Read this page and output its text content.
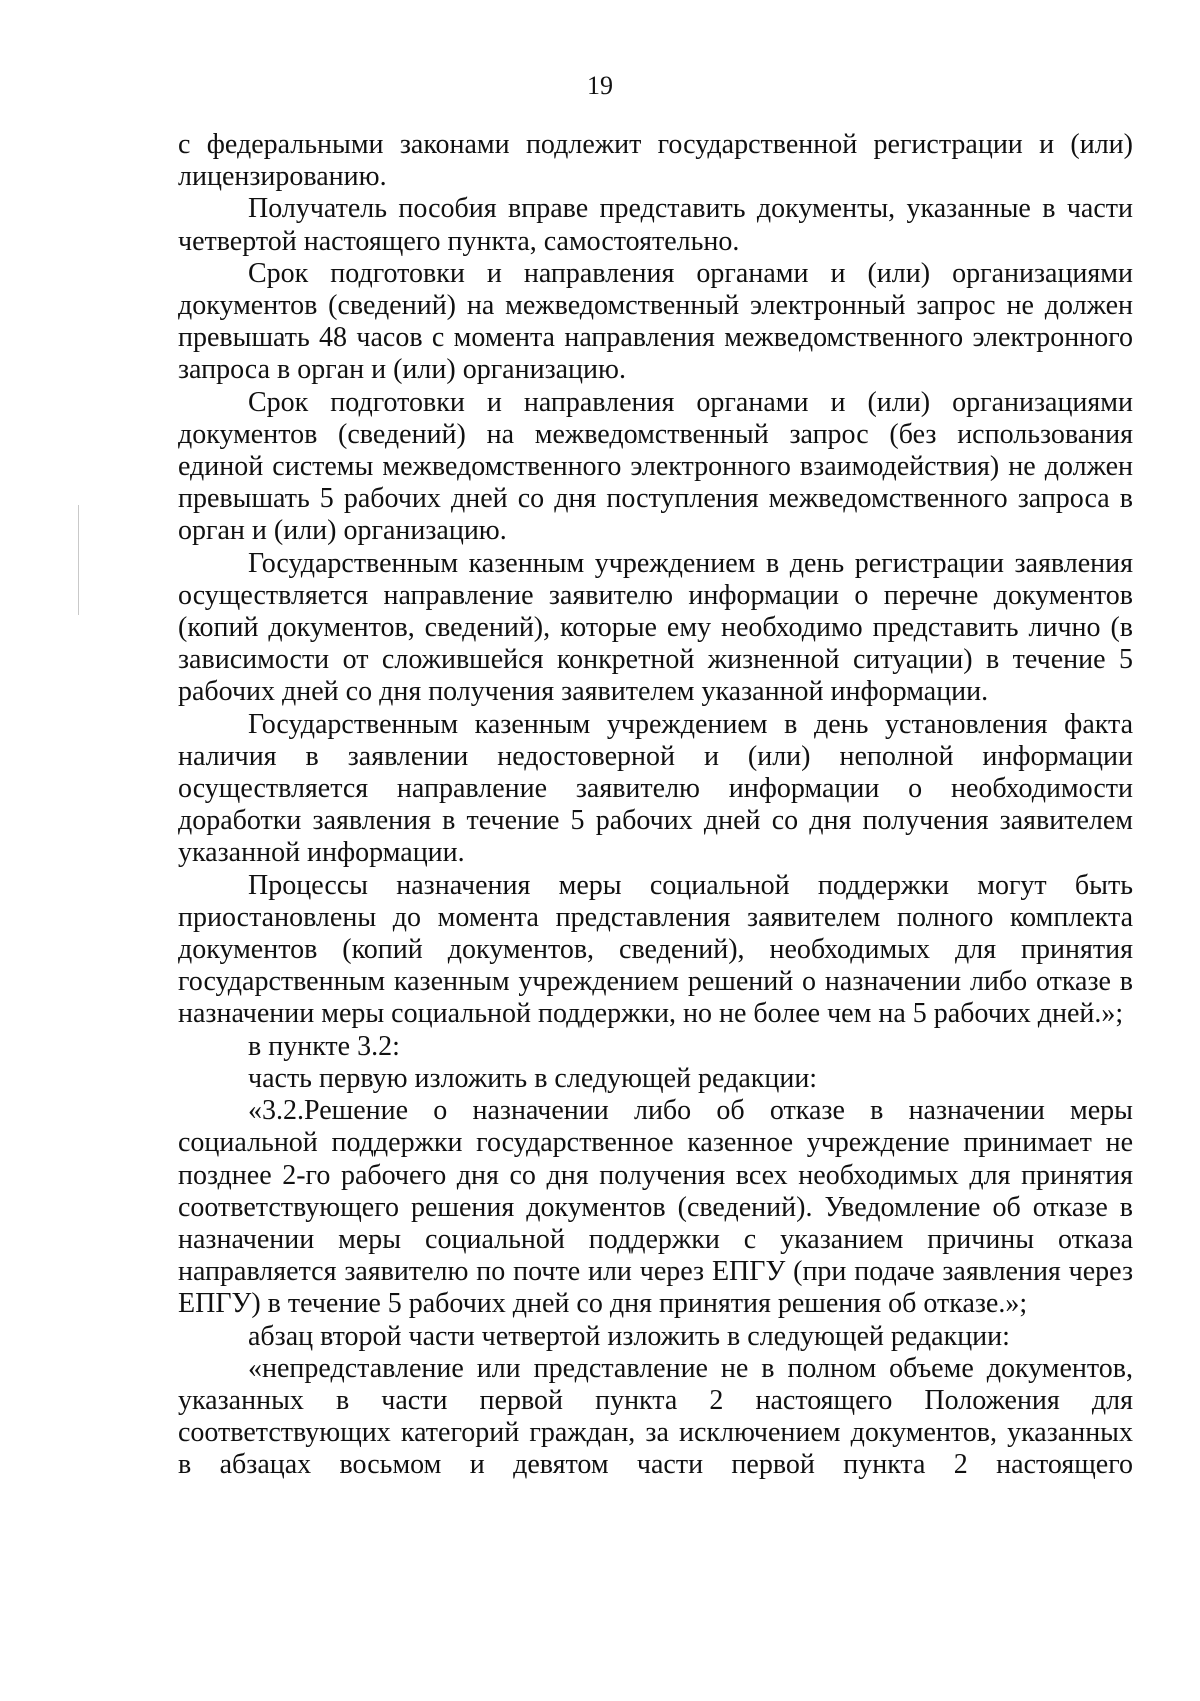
19

с федеральными законами подлежит государственной регистрации и (или) лицензированию.

Получатель пособия вправе представить документы, указанные в части четвертой настоящего пункта, самостоятельно.

Срок подготовки и направления органами и (или) организациями документов (сведений) на межведомственный электронный запрос не должен превышать 48 часов с момента направления межведомственного электронного запроса в орган и (или) организацию.

Срок подготовки и направления органами и (или) организациями документов (сведений) на межведомственный запрос (без использования единой системы межведомственного электронного взаимодействия) не должен превышать 5 рабочих дней со дня поступления межведомственного запроса в орган и (или) организацию.

Государственным казенным учреждением в день регистрации заявления осуществляется направление заявителю информации о перечне документов (копий документов, сведений), которые ему необходимо представить лично (в зависимости от сложившейся конкретной жизненной ситуации) в течение 5 рабочих дней со дня получения заявителем указанной информации.

Государственным казенным учреждением в день установления факта наличия в заявлении недостоверной и (или) неполной информации осуществляется направление заявителю информации о необходимости доработки заявления в течение 5 рабочих дней со дня получения заявителем указанной информации.

Процессы назначения меры социальной поддержки могут быть приостановлены до момента представления заявителем полного комплекта документов (копий документов, сведений), необходимых для принятия государственным казенным учреждением решений о назначении либо отказе в назначении меры социальной поддержки, но не более чем на 5 рабочих дней.»;

в пункте 3.2:

часть первую изложить в следующей редакции:

«3.2.Решение о назначении либо об отказе в назначении меры социальной поддержки государственное казенное учреждение принимает не позднее 2-го рабочего дня со дня получения всех необходимых для принятия соответствующего решения документов (сведений). Уведомление об отказе в назначении меры социальной поддержки с указанием причины отказа направляется заявителю по почте или через ЕПГУ (при подаче заявления через ЕПГУ) в течение 5 рабочих дней со дня принятия решения об отказе.»;

абзац второй части четвертой изложить в следующей редакции:

«непредставление или представление не в полном объеме документов, указанных в части первой пункта 2 настоящего Положения для соответствующих категорий граждан, за исключением документов, указанных в абзацах восьмом и девятом части первой пункта 2 настоящего
